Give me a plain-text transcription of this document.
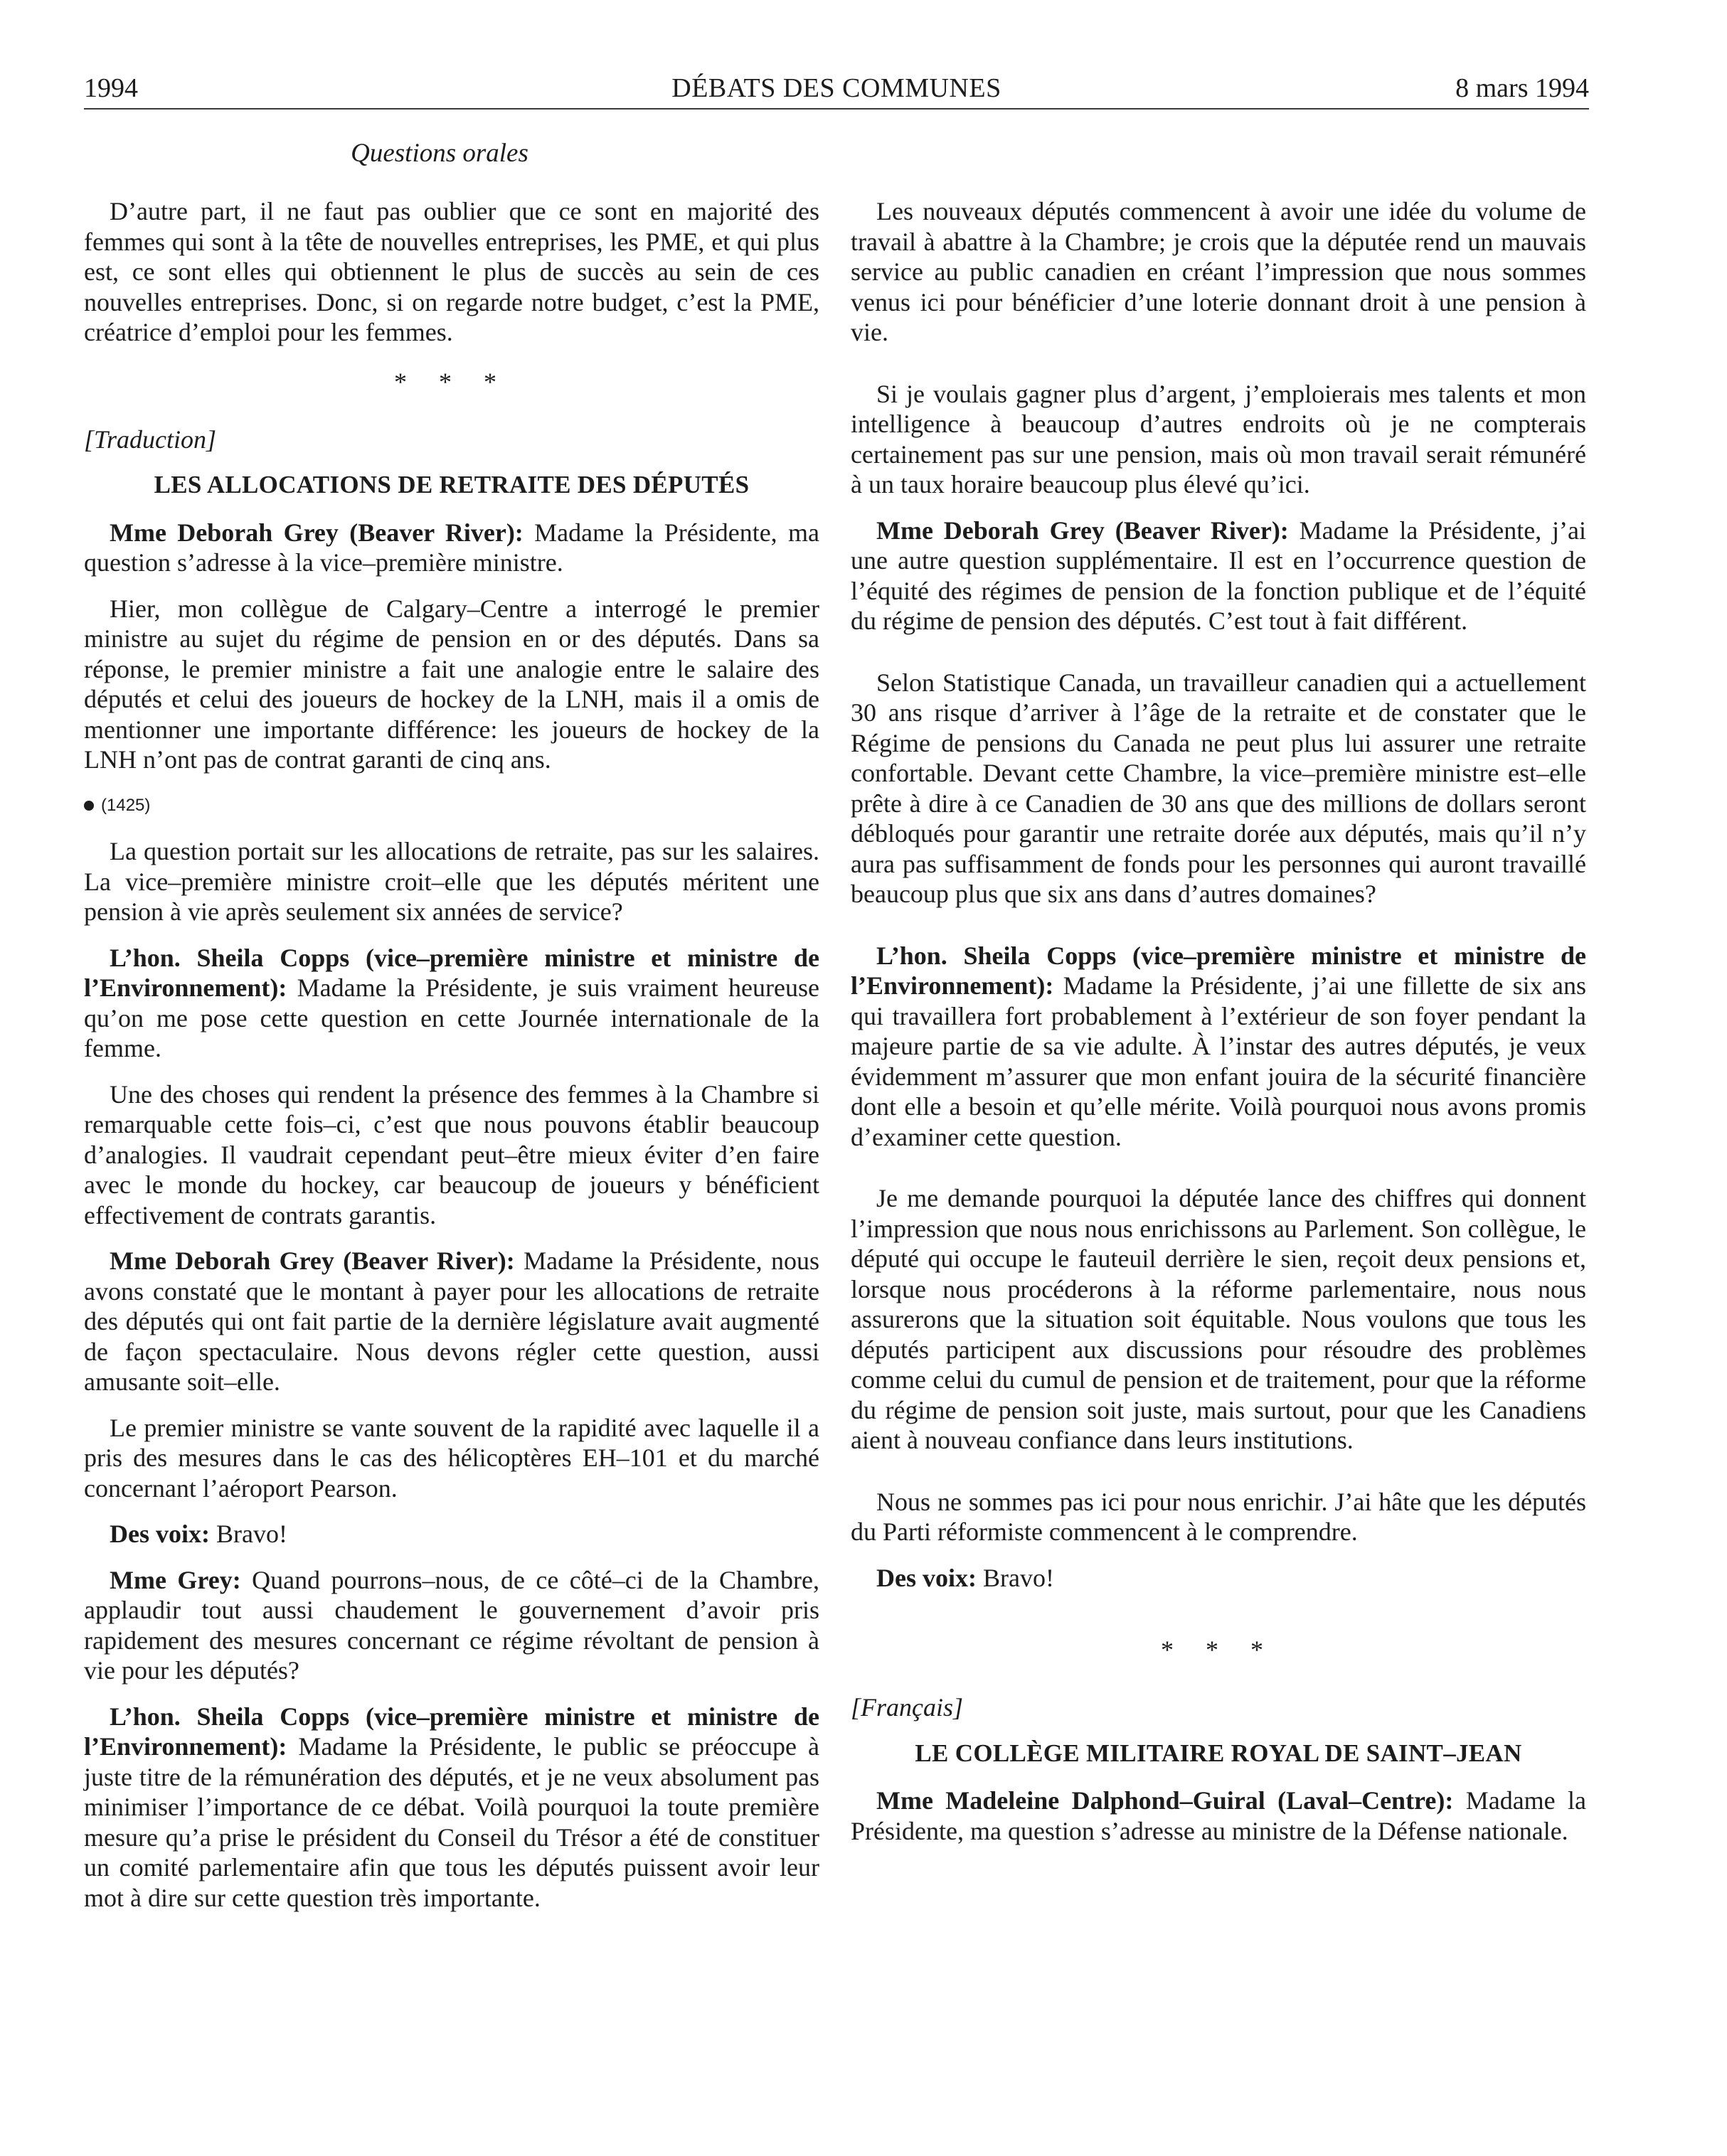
1994	DÉBATS DES COMMUNES	8 mars 1994
Questions orales

D’autre part, il ne faut pas oublier que ce sont en majorité des femmes qui sont à la tête de nouvelles entreprises, les PME, et qui plus est, ce sont elles qui obtiennent le plus de succès au sein de ces nouvelles entreprises. Donc, si on regarde notre budget, c’est la PME, créatrice d’emploi pour les femmes.

* * *

[Traduction]

LES ALLOCATIONS DE RETRAITE DES DÉPUTÉS

Mme Deborah Grey (Beaver River): Madame la Présidente, ma question s’adresse à la vice–première ministre.

Hier, mon collègue de Calgary–Centre a interrogé le premier ministre au sujet du régime de pension en or des députés. Dans sa réponse, le premier ministre a fait une analogie entre le salaire des députés et celui des joueurs de hockey de la LNH, mais il a omis de mentionner une importante différence: les joueurs de hockey de la LNH n’ont pas de contrat garanti de cinq ans.

(1425)

La question portait sur les allocations de retraite, pas sur les salaires. La vice–première ministre croit–elle que les députés méritent une pension à vie après seulement six années de service?

L’hon. Sheila Copps (vice–première ministre et ministre de l’Environnement): Madame la Présidente, je suis vraiment heureuse qu’on me pose cette question en cette Journée internationale de la femme.

Une des choses qui rendent la présence des femmes à la Chambre si remarquable cette fois–ci, c’est que nous pouvons établir beaucoup d’analogies. Il vaudrait cependant peut–être mieux éviter d’en faire avec le monde du hockey, car beaucoup de joueurs y bénéficient effectivement de contrats garantis.

Mme Deborah Grey (Beaver River): Madame la Présidente, nous avons constaté que le montant à payer pour les allocations de retraite des députés qui ont fait partie de la dernière législature avait augmenté de façon spectaculaire. Nous devons régler cette question, aussi amusante soit–elle.

Le premier ministre se vante souvent de la rapidité avec laquelle il a pris des mesures dans le cas des hélicoptères EH–101 et du marché concernant l’aéroport Pearson.

Des voix: Bravo!

Mme Grey: Quand pourrons–nous, de ce côté–ci de la Chambre, applaudir tout aussi chaudement le gouvernement d’avoir pris rapidement des mesures concernant ce régime révoltant de pension à vie pour les députés?

L’hon. Sheila Copps (vice–première ministre et ministre de l’Environnement): Madame la Présidente, le public se préoccupe à juste titre de la rémunération des députés, et je ne veux absolument pas minimiser l’importance de ce débat. Voilà pourquoi la toute première mesure qu’a prise le président du Conseil du Trésor a été de constituer un comité parlementaire afin que tous les députés puissent avoir leur mot à dire sur cette question très importante.

Les nouveaux députés commencent à avoir une idée du volume de travail à abattre à la Chambre; je crois que la députée rend un mauvais service au public canadien en créant l’impression que nous sommes venus ici pour bénéficier d’une loterie donnant droit à une pension à vie.

Si je voulais gagner plus d’argent, j’emploierais mes talents et mon intelligence à beaucoup d’autres endroits où je ne compterais certainement pas sur une pension, mais où mon travail serait rémunéré à un taux horaire beaucoup plus élevé qu’ici.

Mme Deborah Grey (Beaver River): Madame la Présidente, j’ai une autre question supplémentaire. Il est en l’occurrence question de l’équité des régimes de pension de la fonction publique et de l’équité du régime de pension des députés. C’est tout à fait différent.

Selon Statistique Canada, un travailleur canadien qui a actuellement 30 ans risque d’arriver à l’âge de la retraite et de constater que le Régime de pensions du Canada ne peut plus lui assurer une retraite confortable. Devant cette Chambre, la vice–première ministre est–elle prête à dire à ce Canadien de 30 ans que des millions de dollars seront débloqués pour garantir une retraite dorée aux députés, mais qu’il n’y aura pas suffisamment de fonds pour les personnes qui auront travaillé beaucoup plus que six ans dans d’autres domaines?

L’hon. Sheila Copps (vice–première ministre et ministre de l’Environnement): Madame la Présidente, j’ai une fillette de six ans qui travaillera fort probablement à l’extérieur de son foyer pendant la majeure partie de sa vie adulte. À l’instar des autres députés, je veux évidemment m’assurer que mon enfant jouira de la sécurité financière dont elle a besoin et qu’elle mérite. Voilà pourquoi nous avons promis d’examiner cette question.

Je me demande pourquoi la députée lance des chiffres qui donnent l’impression que nous nous enrichissons au Parlement. Son collègue, le député qui occupe le fauteuil derrière le sien, reçoit deux pensions et, lorsque nous procéderons à la réforme parlementaire, nous nous assurerons que la situation soit équitable. Nous voulons que tous les députés participent aux discussions pour résoudre des problèmes comme celui du cumul de pension et de traitement, pour que la réforme du régime de pension soit juste, mais surtout, pour que les Canadiens aient à nouveau confiance dans leurs institutions.

Nous ne sommes pas ici pour nous enrichir. J’ai hâte que les députés du Parti réformiste commencent à le comprendre.

Des voix: Bravo!

* * *

[Français]

LE COLLÈGE MILITAIRE ROYAL DE SAINT–JEAN

Mme Madeleine Dalphond–Guiral (Laval–Centre): Madame la Présidente, ma question s’adresse au ministre de la Défense nationale.
